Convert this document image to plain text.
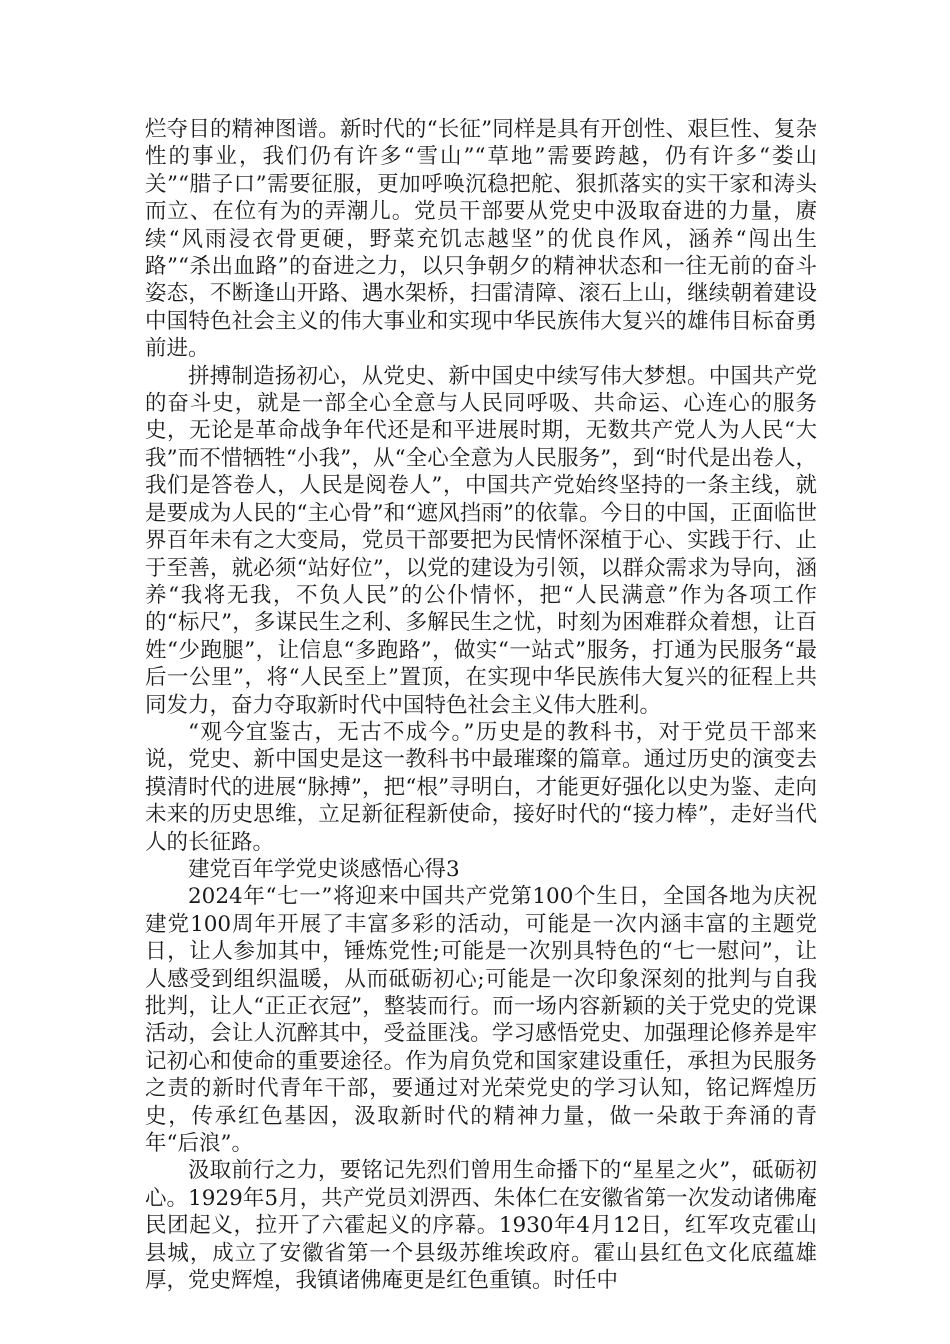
烂夺目的精神图谱。新时代的“长征”同样是具有开创性、艰巨性、复杂性的事业，我们仍有许多“雪山”“草地”需要跨越，仍有许多“娄山关”“腊子口”需要征服，更加呼唤沉稳把舵、狠抓落实的实干家和涛头而立、在位有为的弄潮儿。党员干部要从党史中汲取奋进的力量，赓续“风雨浸衣骨更硬，野菜充饥志越坚”的优良作风，涵养“闯出生路”“杀出血路”的奋进之力，以只争朝夕的精神状态和一往无前的奋斗姿态，不断逢山开路、遇水架桥，扫雷清障、滚石上山，继续朝着建设中国特色社会主义的伟大事业和实现中华民族伟大复兴的雄伟目标奋勇前进。

拼搏制造扬初心，从党史、新中国史中续写伟大梦想。中国共产党的奋斗史，就是一部全心全意与人民同呼吸、共命运、心连心的服务史，无论是革命战争年代还是和平进展时期，无数共产党人为人民“大我”而不惜牺牲“小我”，从“全心全意为人民服务”，到“时代是出卷人，我们是答卷人，人民是阅卷人”，中国共产党始终坚持的一条主线，就是要成为人民的“主心骨”和“遮风挡雨”的依靠。今日的中国，正面临世界百年未有之大变局，党员干部要把为民情怀深植于心、实践于行、止于至善，就必须“站好位”，以党的建设为引领，以群众需求为导向，涵养“我将无我，不负人民”的公仆情怀，把“人民满意”作为各项工作的“标尺”，多谋民生之利、多解民生之忧，时刻为困难群众着想，让百姓“少跑腿”，让信息“多跑路”，做实“一站式”服务，打通为民服务“最后一公里”，将“人民至上”置顶，在实现中华民族伟大复兴的征程上共同发力，奋力夺取新时代中国特色社会主义伟大胜利。

“观今宜鉴古，无古不成今。”历史是的教科书，对于党员干部来说，党史、新中国史是这一教科书中最璀璨的篇章。通过历史的演变去摸清时代的进展“脉搏”，把“根”寻明白，才能更好强化以史为鉴、走向未来的历史思维，立足新征程新使命，接好时代的“接力棒”，走好当代人的长征路。

建党百年学党史谈感悟心得3

2024年“七一”将迎来中国共产党第100个生日，全国各地为庆祝建党100周年开展了丰富多彩的活动，可能是一次内涵丰富的主题党日，让人参加其中，锤炼党性;可能是一次别具特色的“七一慰问”，让人感受到组织温暖，从而砥砺初心;可能是一次印象深刻的批判与自我批判，让人“正正衣冠”，整装而行。而一场内容新颖的关于党史的党课活动，会让人沉醉其中，受益匪浅。学习感悟党史、加强理论修养是牢记初心和使命的重要途径。作为肩负党和国家建设重任，承担为民服务之责的新时代青年干部，要通过对光荣党史的学习认知，铭记辉煌历史，传承红色基因，汲取新时代的精神力量，做一朵敢于奔涌的青年“后浪”。

汲取前行之力，要铭记先烈们曾用生命播下的“星星之火”，砥砺初心。1929年5月，共产党员刘淠西、朱体仁在安徽省第一次发动诸佛庵民团起义，拉开了六霍起义的序幕。1930年4月12日，红军攻克霍山县城，成立了安徽省第一个县级苏维埃政府。霍山县红色文化底蕴雄厚，党史辉煌，我镇诸佛庵更是红色重镇。时任中
